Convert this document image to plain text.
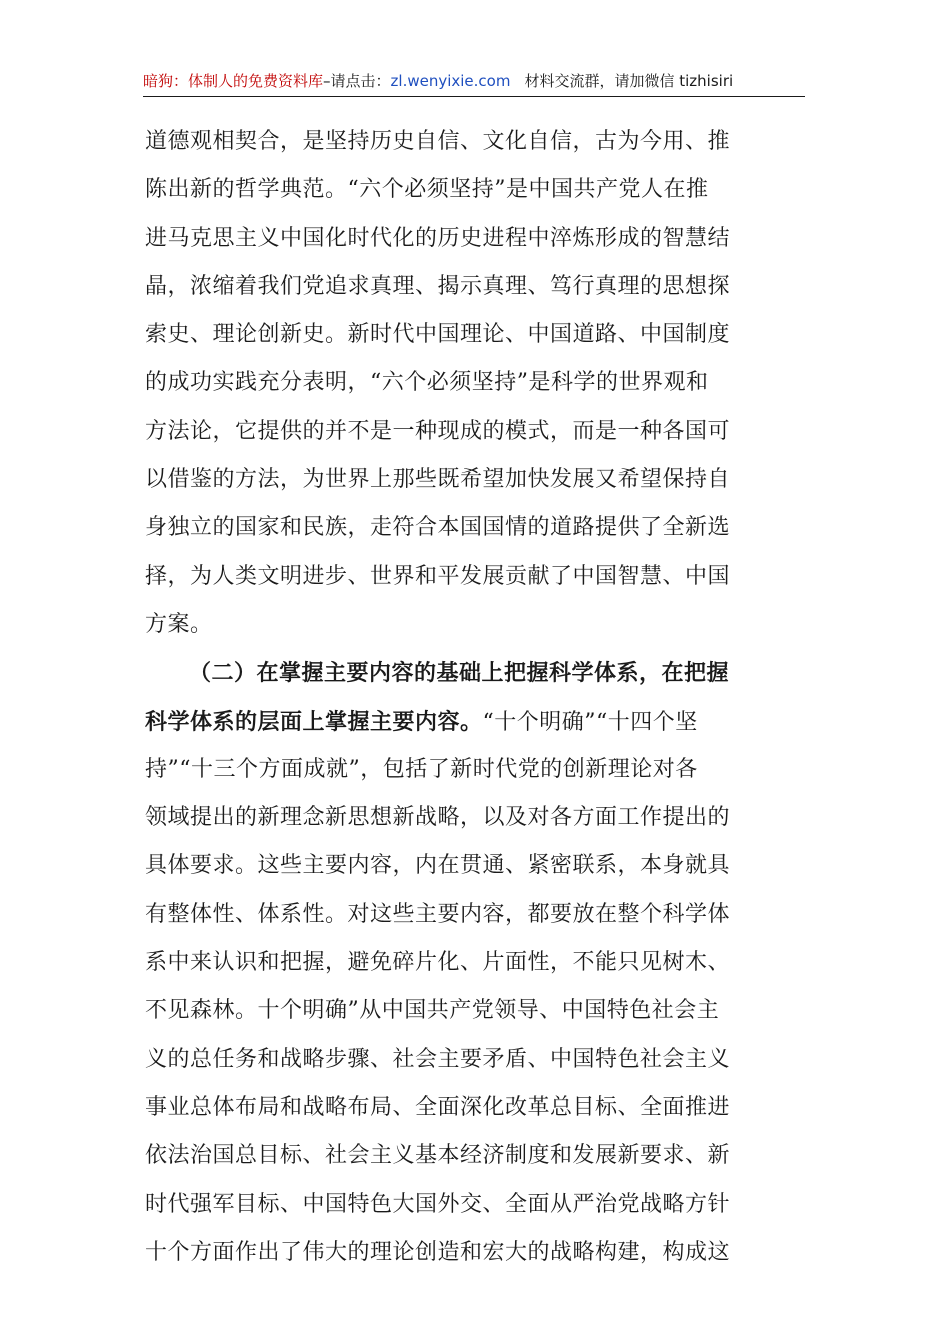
暗狗：体制人的免费资料库–请点击：zl.wenyixie.com 材料交流群，请加微信 tizhisiri
道德观相契合，是坚持历史自信、文化自信，古为今用、推
陈出新的哲学典范。“六个必须坚持”是中国共产党人在推
进马克思主义中国化时代化的历史进程中淬炼形成的智慧结
晶，浓缩着我们党追求真理、揭示真理、笃行真理的思想探
索史、理论创新史。新时代中国理论、中国道路、中国制度
的成功实践充分表明，“六个必须坚持”是科学的世界观和
方法论，它提供的并不是一种现成的模式，而是一种各国可
以借鉴的方法，为世界上那些既希望加快发展又希望保持自
身独立的国家和民族，走符合本国国情的道路提供了全新选
择，为人类文明进步、世界和平发展贡献了中国智慧、中国
方案。
（二）在掌握主要内容的基础上把握科学体系，在把握
科学体系的层面上掌握主要内容。“十个明确”“十四个坚
持”“十三个方面成就”，包括了新时代党的创新理论对各
领域提出的新理念新思想新战略，以及对各方面工作提出的
具体要求。这些主要内容，内在贯通、紧密联系，本身就具
有整体性、体系性。对这些主要内容，都要放在整个科学体
系中来认识和把握，避免碎片化、片面性，不能只见树木、
不见森林。十个明确”从中国共产党领导、中国特色社会主
义的总任务和战略步骤、社会主要矛盾、中国特色社会主义
事业总体布局和战略布局、全面深化改革总目标、全面推进
依法治国总目标、社会主义基本经济制度和发展新要求、新
时代强军目标、中国特色大国外交、全面从严治党战略方针
十个方面作出了伟大的理论创造和宏大的战略构建，构成这
